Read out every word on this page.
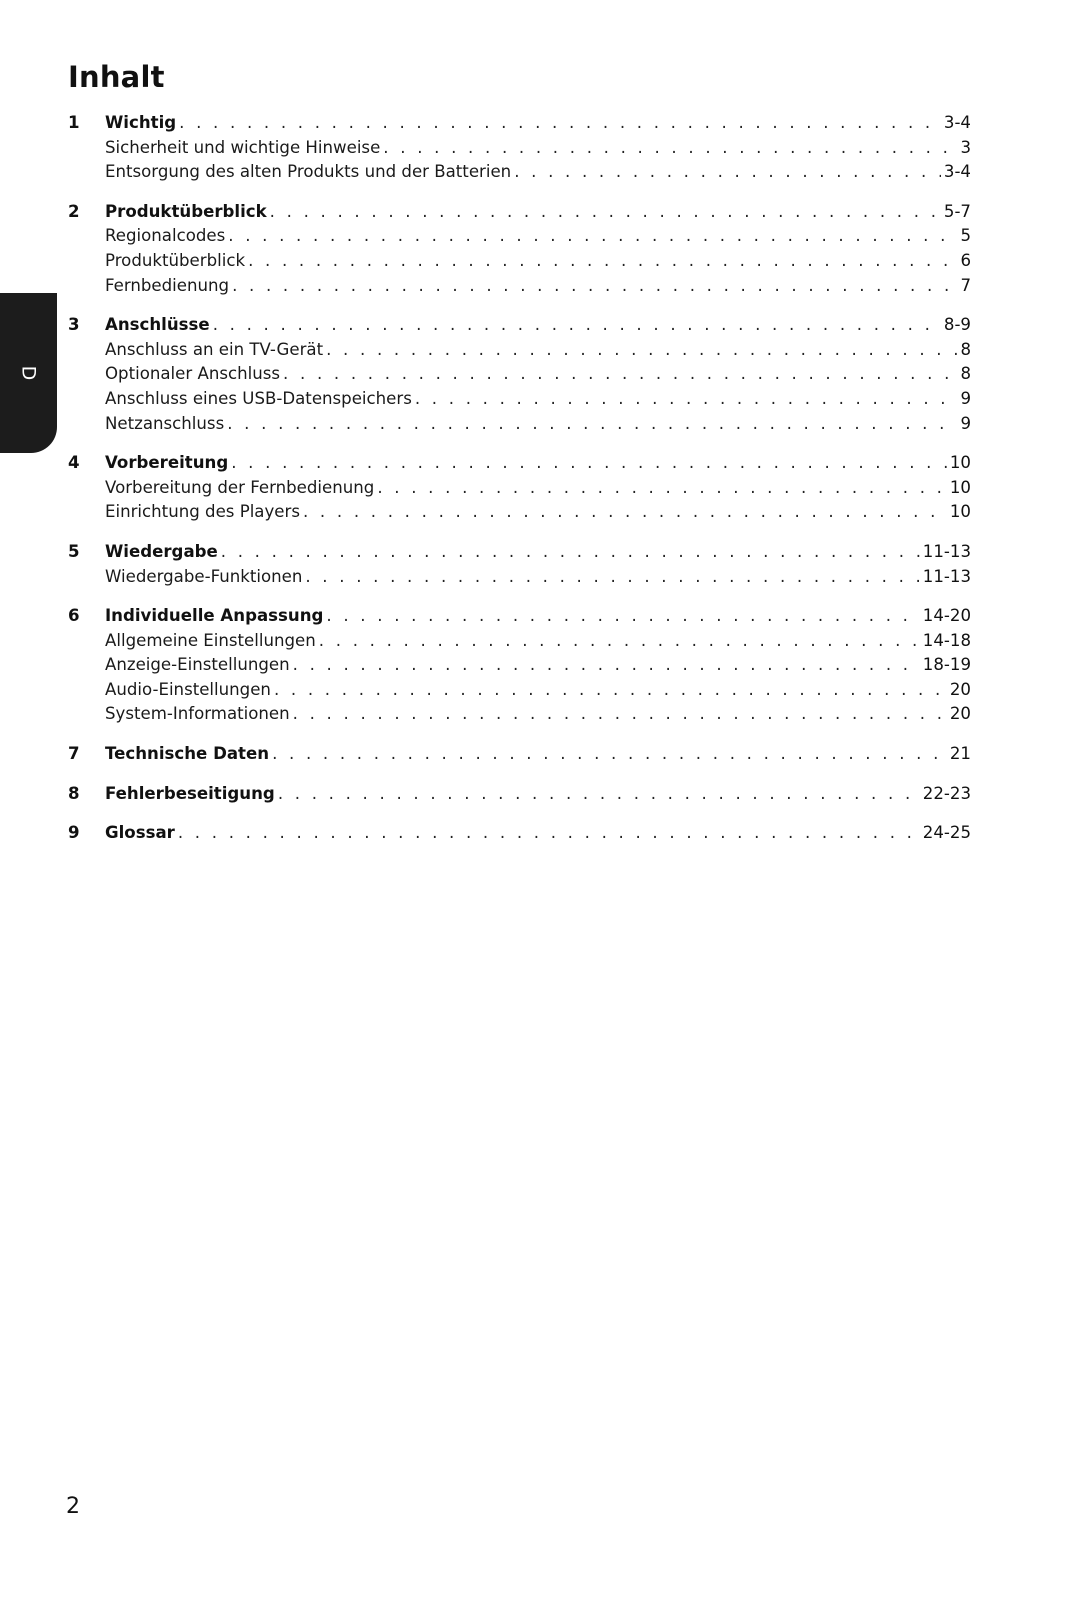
Inhalt
D
1 Wichtig . . .	3-4
Sicherheit und wichtige Hinweise . . .	3
Entsorgung des alten Produkts und der Batterien . . .	3-4
2 Produktüberblick . . .	5-7
Regionalcodes . . .	5
Produktüberblick . . .	6
Fernbedienung . . .	7
3 Anschlüsse . . .	8-9
Anschluss an ein TV-Gerät . . .	8
Optionaler Anschluss . . .	8
Anschluss eines USB-Datenspeichers . . .	9
Netzanschluss . . .	9
4 Vorbereitung . . .	10
Vorbereitung der Fernbedienung . . .	10
Einrichtung des Players . . .	10
5 Wiedergabe . . .	11-13
Wiedergabe-Funktionen . . .	11-13
6 Individuelle Anpassung . . .	14-20
Allgemeine Einstellungen . . .	14-18
Anzeige-Einstellungen . . .	18-19
Audio-Einstellungen . . .	20
System-Informationen . . .	20
7 Technische Daten . . .	21
8 Fehlerbeseitigung . . .	22-23
9 Glossar . . .	24-25

2
